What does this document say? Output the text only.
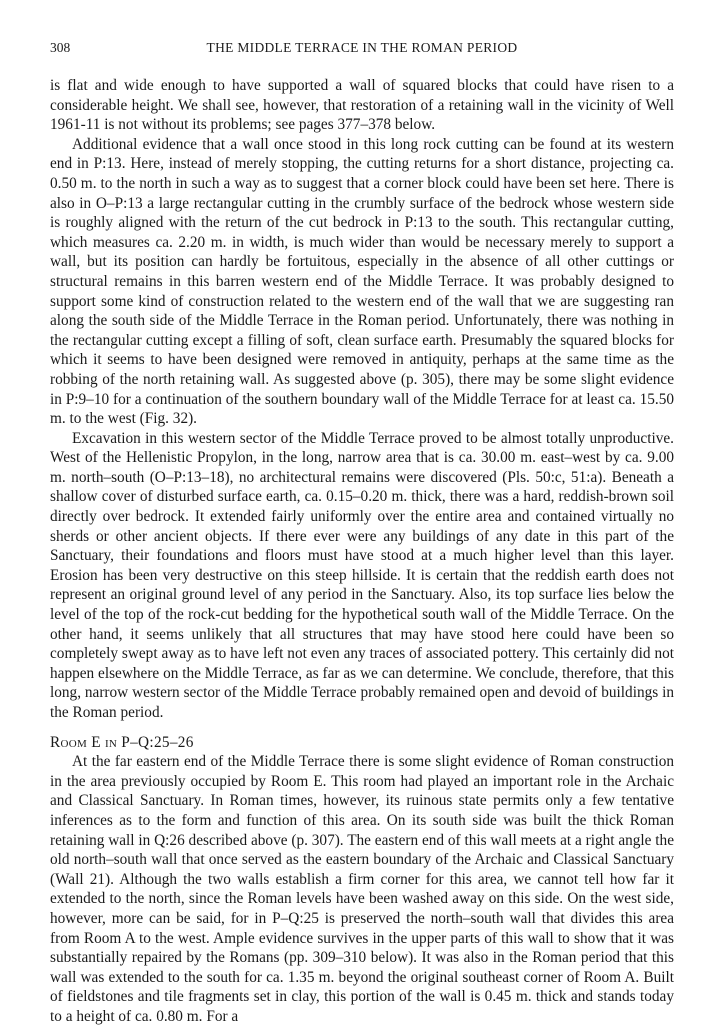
308	THE MIDDLE TERRACE IN THE ROMAN PERIOD

is flat and wide enough to have supported a wall of squared blocks that could have risen to a considerable height. We shall see, however, that restoration of a retaining wall in the vicinity of Well 1961-11 is not without its problems; see pages 377–378 below.

Additional evidence that a wall once stood in this long rock cutting can be found at its western end in P:13. Here, instead of merely stopping, the cutting returns for a short distance, projecting ca. 0.50 m. to the north in such a way as to suggest that a corner block could have been set here. There is also in O–P:13 a large rectangular cutting in the crumbly surface of the bedrock whose western side is roughly aligned with the return of the cut bedrock in P:13 to the south. This rectangular cutting, which measures ca. 2.20 m. in width, is much wider than would be necessary merely to support a wall, but its position can hardly be fortuitous, especially in the absence of all other cuttings or structural remains in this barren western end of the Middle Terrace. It was probably designed to support some kind of construction related to the western end of the wall that we are suggesting ran along the south side of the Middle Terrace in the Roman period. Unfortunately, there was nothing in the rectangular cutting except a filling of soft, clean surface earth. Presumably the squared blocks for which it seems to have been designed were removed in antiquity, perhaps at the same time as the robbing of the north retaining wall. As suggested above (p. 305), there may be some slight evidence in P:9–10 for a continuation of the southern boundary wall of the Middle Terrace for at least ca. 15.50 m. to the west (Fig. 32).

Excavation in this western sector of the Middle Terrace proved to be almost totally unproductive. West of the Hellenistic Propylon, in the long, narrow area that is ca. 30.00 m. east–west by ca. 9.00 m. north–south (O–P:13–18), no architectural remains were discovered (Pls. 50:c, 51:a). Beneath a shallow cover of disturbed surface earth, ca. 0.15–0.20 m. thick, there was a hard, reddish-brown soil directly over bedrock. It extended fairly uniformly over the entire area and contained virtually no sherds or other ancient objects. If there ever were any buildings of any date in this part of the Sanctuary, their foundations and floors must have stood at a much higher level than this layer. Erosion has been very destructive on this steep hillside. It is certain that the reddish earth does not represent an original ground level of any period in the Sanctuary. Also, its top surface lies below the level of the top of the rock-cut bedding for the hypothetical south wall of the Middle Terrace. On the other hand, it seems unlikely that all structures that may have stood here could have been so completely swept away as to have left not even any traces of associated pottery. This certainly did not happen elsewhere on the Middle Terrace, as far as we can determine. We conclude, therefore, that this long, narrow western sector of the Middle Terrace probably remained open and devoid of buildings in the Roman period.

Room E in P–Q:25–26

At the far eastern end of the Middle Terrace there is some slight evidence of Roman construction in the area previously occupied by Room E. This room had played an important role in the Archaic and Classical Sanctuary. In Roman times, however, its ruinous state permits only a few tentative inferences as to the form and function of this area. On its south side was built the thick Roman retaining wall in Q:26 described above (p. 307). The eastern end of this wall meets at a right angle the old north–south wall that once served as the eastern boundary of the Archaic and Classical Sanctuary (Wall 21). Although the two walls establish a firm corner for this area, we cannot tell how far it extended to the north, since the Roman levels have been washed away on this side. On the west side, however, more can be said, for in P–Q:25 is preserved the north–south wall that divides this area from Room A to the west. Ample evidence survives in the upper parts of this wall to show that it was substantially repaired by the Romans (pp. 309–310 below). It was also in the Roman period that this wall was extended to the south for ca. 1.35 m. beyond the original southeast corner of Room A. Built of fieldstones and tile fragments set in clay, this portion of the wall is 0.45 m. thick and stands today to a height of ca. 0.80 m. For a
